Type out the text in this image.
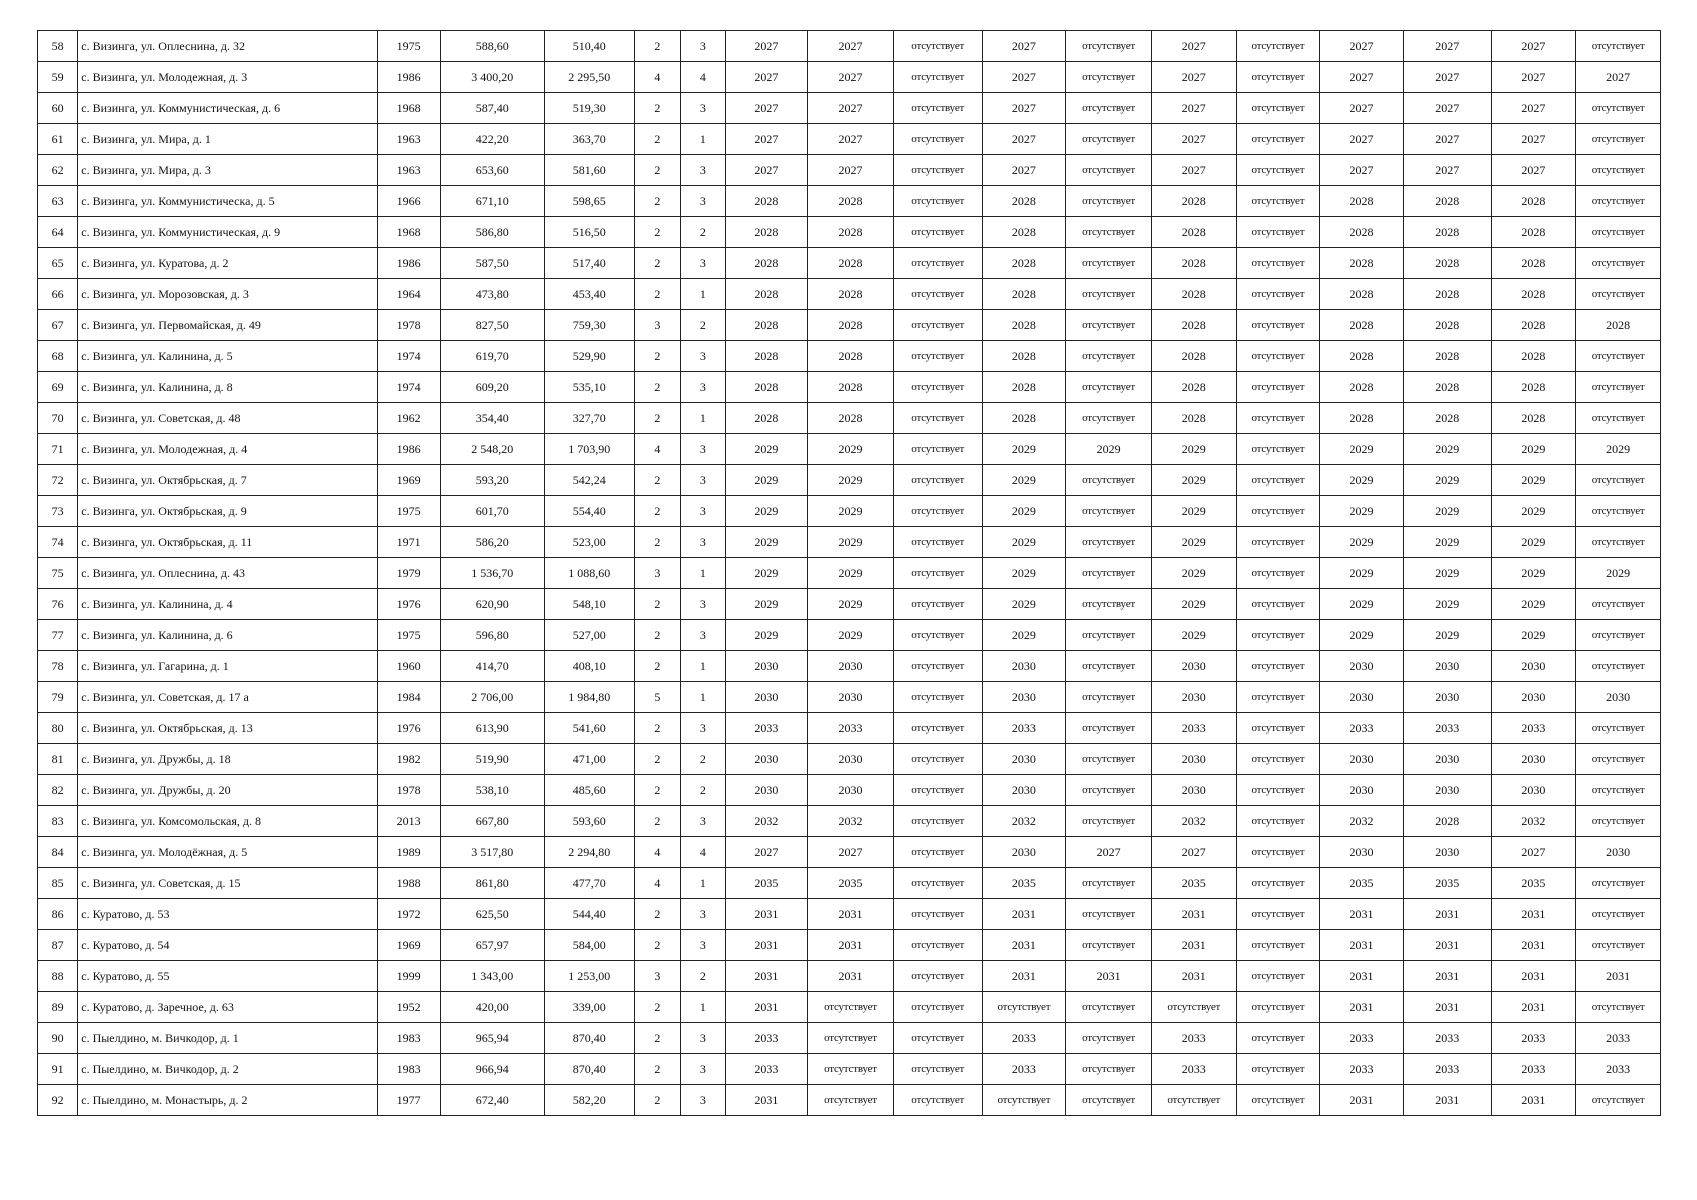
58	с. Визинга, ул. Оплеснина, д. 32	1975	588,60	510,40	2	3	2027	2027	отсутствует	2027	отсутствует	2027	отсутствует	2027	2027	2027	отсутствует
59	с. Визинга, ул. Молодежная, д. 3	1986	3 400,20	2 295,50	4	4	2027	2027	отсутствует	2027	отсутствует	2027	отсутствует	2027	2027	2027	2027
60	с. Визинга, ул. Коммунистическая, д. 6	1968	587,40	519,30	2	3	2027	2027	отсутствует	2027	отсутствует	2027	отсутствует	2027	2027	2027	отсутствует
61	с. Визинга, ул. Мира, д. 1	1963	422,20	363,70	2	1	2027	2027	отсутствует	2027	отсутствует	2027	отсутствует	2027	2027	2027	отсутствует
62	с. Визинга, ул. Мира, д. 3	1963	653,60	581,60	2	3	2027	2027	отсутствует	2027	отсутствует	2027	отсутствует	2027	2027	2027	отсутствует
63	с. Визинга, ул. Коммунистическа, д. 5	1966	671,10	598,65	2	3	2028	2028	отсутствует	2028	отсутствует	2028	отсутствует	2028	2028	2028	отсутствует
64	с. Визинга, ул. Коммунистическая, д. 9	1968	586,80	516,50	2	2	2028	2028	отсутствует	2028	отсутствует	2028	отсутствует	2028	2028	2028	отсутствует
65	с. Визинга, ул. Куратова, д. 2	1986	587,50	517,40	2	3	2028	2028	отсутствует	2028	отсутствует	2028	отсутствует	2028	2028	2028	отсутствует
66	с. Визинга, ул. Морозовская, д. 3	1964	473,80	453,40	2	1	2028	2028	отсутствует	2028	отсутствует	2028	отсутствует	2028	2028	2028	отсутствует
67	с. Визинга, ул. Первомайская, д. 49	1978	827,50	759,30	3	2	2028	2028	отсутствует	2028	отсутствует	2028	отсутствует	2028	2028	2028	2028
68	с. Визинга, ул. Калинина, д. 5	1974	619,70	529,90	2	3	2028	2028	отсутствует	2028	отсутствует	2028	отсутствует	2028	2028	2028	отсутствует
69	с. Визинга, ул. Калинина, д. 8	1974	609,20	535,10	2	3	2028	2028	отсутствует	2028	отсутствует	2028	отсутствует	2028	2028	2028	отсутствует
70	с. Визинга, ул. Советская, д. 48	1962	354,40	327,70	2	1	2028	2028	отсутствует	2028	отсутствует	2028	отсутствует	2028	2028	2028	отсутствует
71	с. Визинга, ул. Молодежная, д. 4	1986	2 548,20	1 703,90	4	3	2029	2029	отсутствует	2029	2029	2029	отсутствует	2029	2029	2029	2029
72	с. Визинга, ул. Октябрьская, д. 7	1969	593,20	542,24	2	3	2029	2029	отсутствует	2029	отсутствует	2029	отсутствует	2029	2029	2029	отсутствует
73	с. Визинга, ул. Октябрьская, д. 9	1975	601,70	554,40	2	3	2029	2029	отсутствует	2029	отсутствует	2029	отсутствует	2029	2029	2029	отсутствует
74	с. Визинга, ул. Октябрьская, д. 11	1971	586,20	523,00	2	3	2029	2029	отсутствует	2029	отсутствует	2029	отсутствует	2029	2029	2029	отсутствует
75	с. Визинга, ул. Оплеснина, д. 43	1979	1 536,70	1 088,60	3	1	2029	2029	отсутствует	2029	отсутствует	2029	отсутствует	2029	2029	2029	2029
76	с. Визинга, ул. Калинина, д. 4	1976	620,90	548,10	2	3	2029	2029	отсутствует	2029	отсутствует	2029	отсутствует	2029	2029	2029	отсутствует
77	с. Визинга, ул. Калинина, д. 6	1975	596,80	527,00	2	3	2029	2029	отсутствует	2029	отсутствует	2029	отсутствует	2029	2029	2029	отсутствует
78	с. Визинга, ул. Гагарина, д. 1	1960	414,70	408,10	2	1	2030	2030	отсутствует	2030	отсутствует	2030	отсутствует	2030	2030	2030	отсутствует
79	с. Визинга, ул. Советская, д. 17 а	1984	2 706,00	1 984,80	5	1	2030	2030	отсутствует	2030	отсутствует	2030	отсутствует	2030	2030	2030	2030
80	с. Визинга, ул. Октябрьская, д. 13	1976	613,90	541,60	2	3	2033	2033	отсутствует	2033	отсутствует	2033	отсутствует	2033	2033	2033	отсутствует
81	с. Визинга, ул. Дружбы, д. 18	1982	519,90	471,00	2	2	2030	2030	отсутствует	2030	отсутствует	2030	отсутствует	2030	2030	2030	отсутствует
82	с. Визинга, ул. Дружбы, д. 20	1978	538,10	485,60	2	2	2030	2030	отсутствует	2030	отсутствует	2030	отсутствует	2030	2030	2030	отсутствует
83	с. Визинга, ул. Комсомольская, д. 8	2013	667,80	593,60	2	3	2032	2032	отсутствует	2032	отсутствует	2032	отсутствует	2032	2028	2032	отсутствует
84	с. Визинга, ул. Молодёжная, д. 5	1989	3 517,80	2 294,80	4	4	2027	2027	отсутствует	2030	2027	2027	отсутствует	2030	2030	2027	2030
85	с. Визинга, ул. Советская, д. 15	1988	861,80	477,70	4	1	2035	2035	отсутствует	2035	отсутствует	2035	отсутствует	2035	2035	2035	отсутствует
86	с. Куратово, д. 53	1972	625,50	544,40	2	3	2031	2031	отсутствует	2031	отсутствует	2031	отсутствует	2031	2031	2031	отсутствует
87	с. Куратово, д. 54	1969	657,97	584,00	2	3	2031	2031	отсутствует	2031	отсутствует	2031	отсутствует	2031	2031	2031	отсутствует
88	с. Куратово, д. 55	1999	1 343,00	1 253,00	3	2	2031	2031	отсутствует	2031	2031	2031	отсутствует	2031	2031	2031	2031
89	с. Куратово, д. Заречное, д. 63	1952	420,00	339,00	2	1	2031	отсутствует	отсутствует	отсутствует	отсутствует	отсутствует	отсутствует	2031	2031	2031	отсутствует
90	с. Пыелдино, м. Вичкодор, д. 1	1983	965,94	870,40	2	3	2033	отсутствует	отсутствует	2033	отсутствует	2033	отсутствует	2033	2033	2033	2033
91	с. Пыелдино, м. Вичкодор, д. 2	1983	966,94	870,40	2	3	2033	отсутствует	отсутствует	2033	отсутствует	2033	отсутствует	2033	2033	2033	2033
92	с. Пыелдино, м. Монастырь, д. 2	1977	672,40	582,20	2	3	2031	отсутствует	отсутствует	отсутствует	отсутствует	отсутствует	отсутствует	2031	2031	2031	отсутствует
